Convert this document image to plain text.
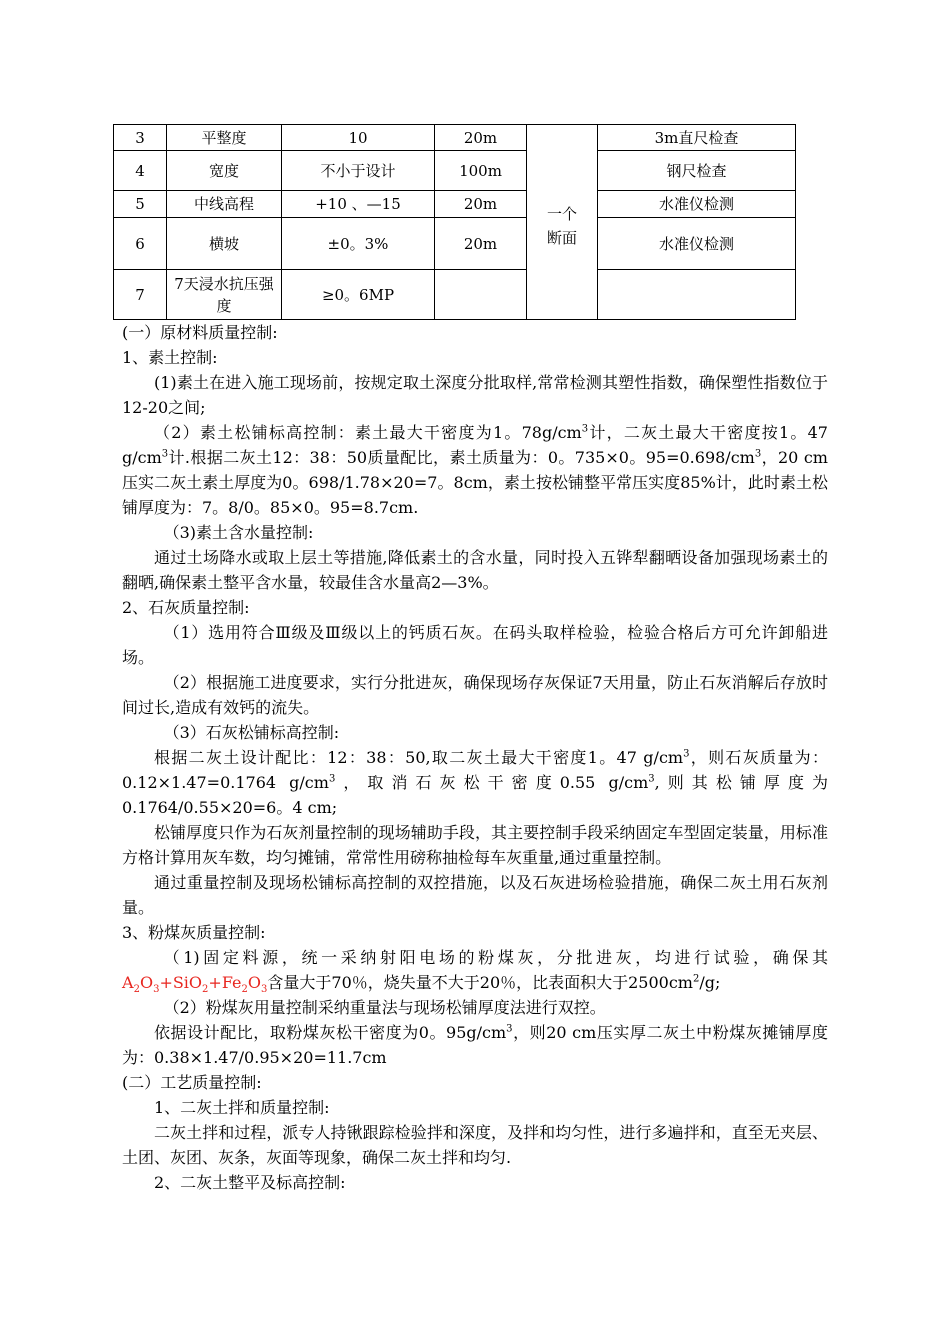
3	平整度	10	20m	一个断面	3m直尺检查
4	宽度	不小于设计	100m		钢尺检查
5	中线高程	+10 、—15	20m		水准仪检测
6	横坡	±0。3%	20m		水准仪检测
7	7天浸水抗压强度	≥0。6MP			

(一）原材料质量控制:

1、素土控制:

(1)素土在进入施工现场前，按规定取土深度分批取样,常常检测其塑性指数，确保塑性指数位于12-20之间;

（2）素土松铺标高控制：素土最大干密度为1。$78g/cm^3$计，二灰土最大干密度按1。47 $g/cm^3$计.根据二灰土12：38：50质量配比，素土质量为：0。735×0。$95=0.698/cm^3$，20 cm压实二灰土素土厚度为0。698/1.78×20=7。8cm，素土按松铺整平常压实度85%计，此时素土松铺厚度为：7。8/0。85×0。95=8.7cm.

（3)素土含水量控制:

通过土场降水或取上层土等措施,降低素土的含水量，同时投入五铧犁翻晒设备加强现场素土的翻晒,确保素土整平含水量，较最佳含水量高2—3%。

2、石灰质量控制:

（1）选用符合Ⅲ级及Ⅲ级以上的钙质石灰。在码头取样检验，检验合格后方可允许卸船进场。

（2）根据施工进度要求，实行分批进灰，确保现场存灰保证7天用量，防止石灰消解后存放时间过长,造成有效钙的流失。

（3）石灰松铺标高控制:

根据二灰土设计配比：12：38：50,取二灰土最大干密度1。47 $g/cm^3$，则石灰质量为：0.12×1.47=0.1764 $g/cm^3$，取消石灰松干密度0.55 $g/cm^3$,则其松铺厚度为0.1764/0.55×20=6。4 cm;

松铺厚度只作为石灰剂量控制的现场辅助手段，其主要控制手段采纳固定车型固定装量，用标准方格计算用灰车数，均匀摊铺，常常性用磅称抽检每车灰重量,通过重量控制。

通过重量控制及现场松铺标高控制的双控措施，以及石灰进场检验措施，确保二灰土用石灰剂量。

3、粉煤灰质量控制:

（1)固定料源，统一采纳射阳电场的粉煤灰，分批进灰，均进行试验，确保其$A_2O_3+SiO_2+Fe_2O_3$含量大于70％，烧失量不大于20％，比表面积大于$2500cm^2/g$;

（2）粉煤灰用量控制采纳重量法与现场松铺厚度法进行双控。

依据设计配比，取粉煤灰松干密度为0。$95g/cm^3$，则20 cm压实厚二灰土中粉煤灰摊铺厚度为：0.38×1.47/0.95×20=11.7cm

(二）工艺质量控制:

1、二灰土拌和质量控制:

二灰土拌和过程，派专人持锹跟踪检验拌和深度，及拌和均匀性，进行多遍拌和，直至无夹层、土团、灰团、灰条，灰面等现象，确保二灰土拌和均匀.

2、二灰土整平及标高控制:
